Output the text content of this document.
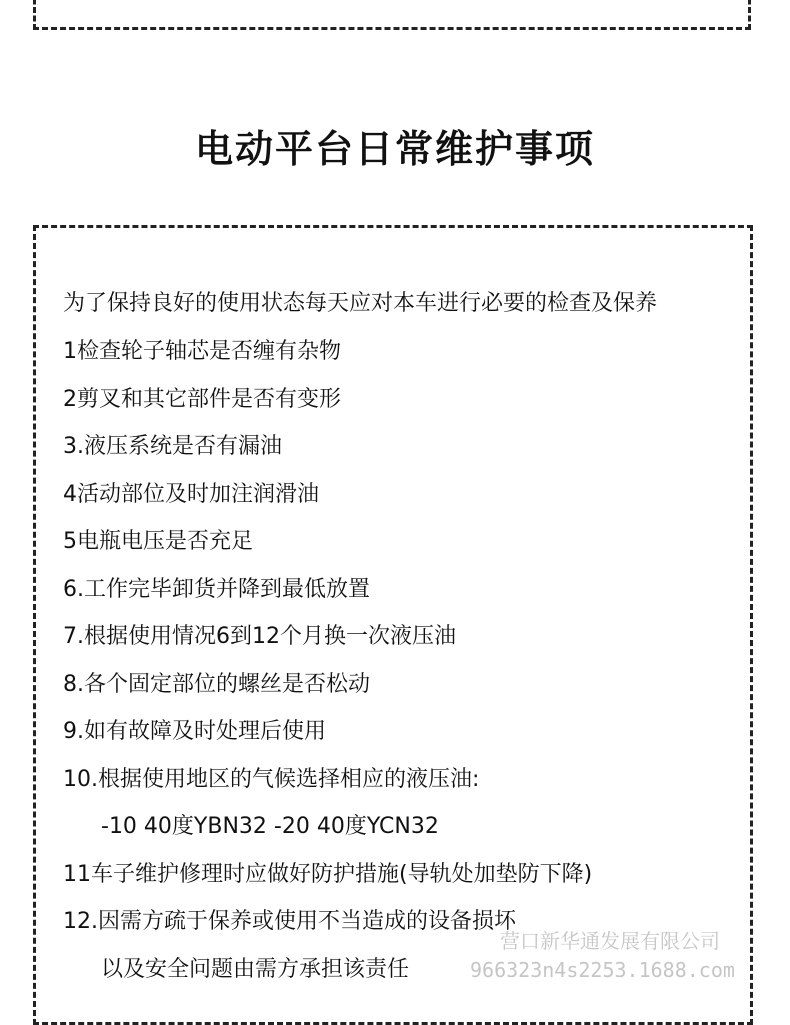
电动平台日常维护事项
为了保持良好的使用状态每天应对本车进行必要的检查及保养
1检查轮子轴芯是否缠有杂物
2剪叉和其它部件是否有变形
3.液压系统是否有漏油
4活动部位及时加注润滑油
5电瓶电压是否充足
6.工作完毕卸货并降到最低放置
7.根据使用情况6到12个月换一次液压油
8.各个固定部位的螺丝是否松动
9.如有故障及时处理后使用
10.根据使用地区的气候选择相应的液压油:
-10 40度YBN32 -20 40度YCN32
11车子维护修理时应做好防护措施(导轨处加垫防下降)
12.因需方疏于保养或使用不当造成的设备损坏
以及安全问题由需方承担该责任
营口新华通发展有限公司
966323n4s2253.1688.com
